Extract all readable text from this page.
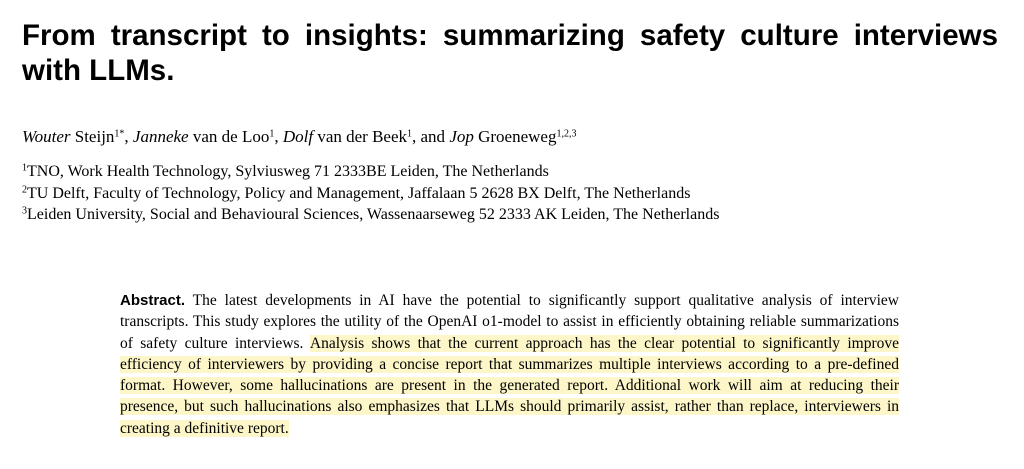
From transcript to insights: summarizing safety culture interviews with LLMs.

Wouter Steijn$^{1*}$, Janneke van de Loo$^1$, Dolf van der Beek$^1$, and Jop Groeneweg$^{1,2,3}$

$^1$TNO, Work Health Technology, Sylviusweg 71 2333BE Leiden, The Netherlands
$^2$TU Delft, Faculty of Technology, Policy and Management, Jaffalaan 5 2628 BX Delft, The Netherlands
$^3$Leiden University, Social and Behavioural Sciences, Wassenaarseweg 52 2333 AK Leiden, The Netherlands

Abstract. The latest developments in AI have the potential to significantly support qualitative analysis of interview transcripts. This study explores the utility of the OpenAI o1-model to assist in efficiently obtaining reliable summarizations of safety culture interviews. Analysis shows that the current approach has the clear potential to significantly improve efficiency of interviewers by providing a concise report that summarizes multiple interviews according to a pre-defined format. However, some hallucinations are present in the generated report. Additional work will aim at reducing their presence, but such hallucinations also emphasizes that LLMs should primarily assist, rather than replace, interviewers in creating a definitive report.
